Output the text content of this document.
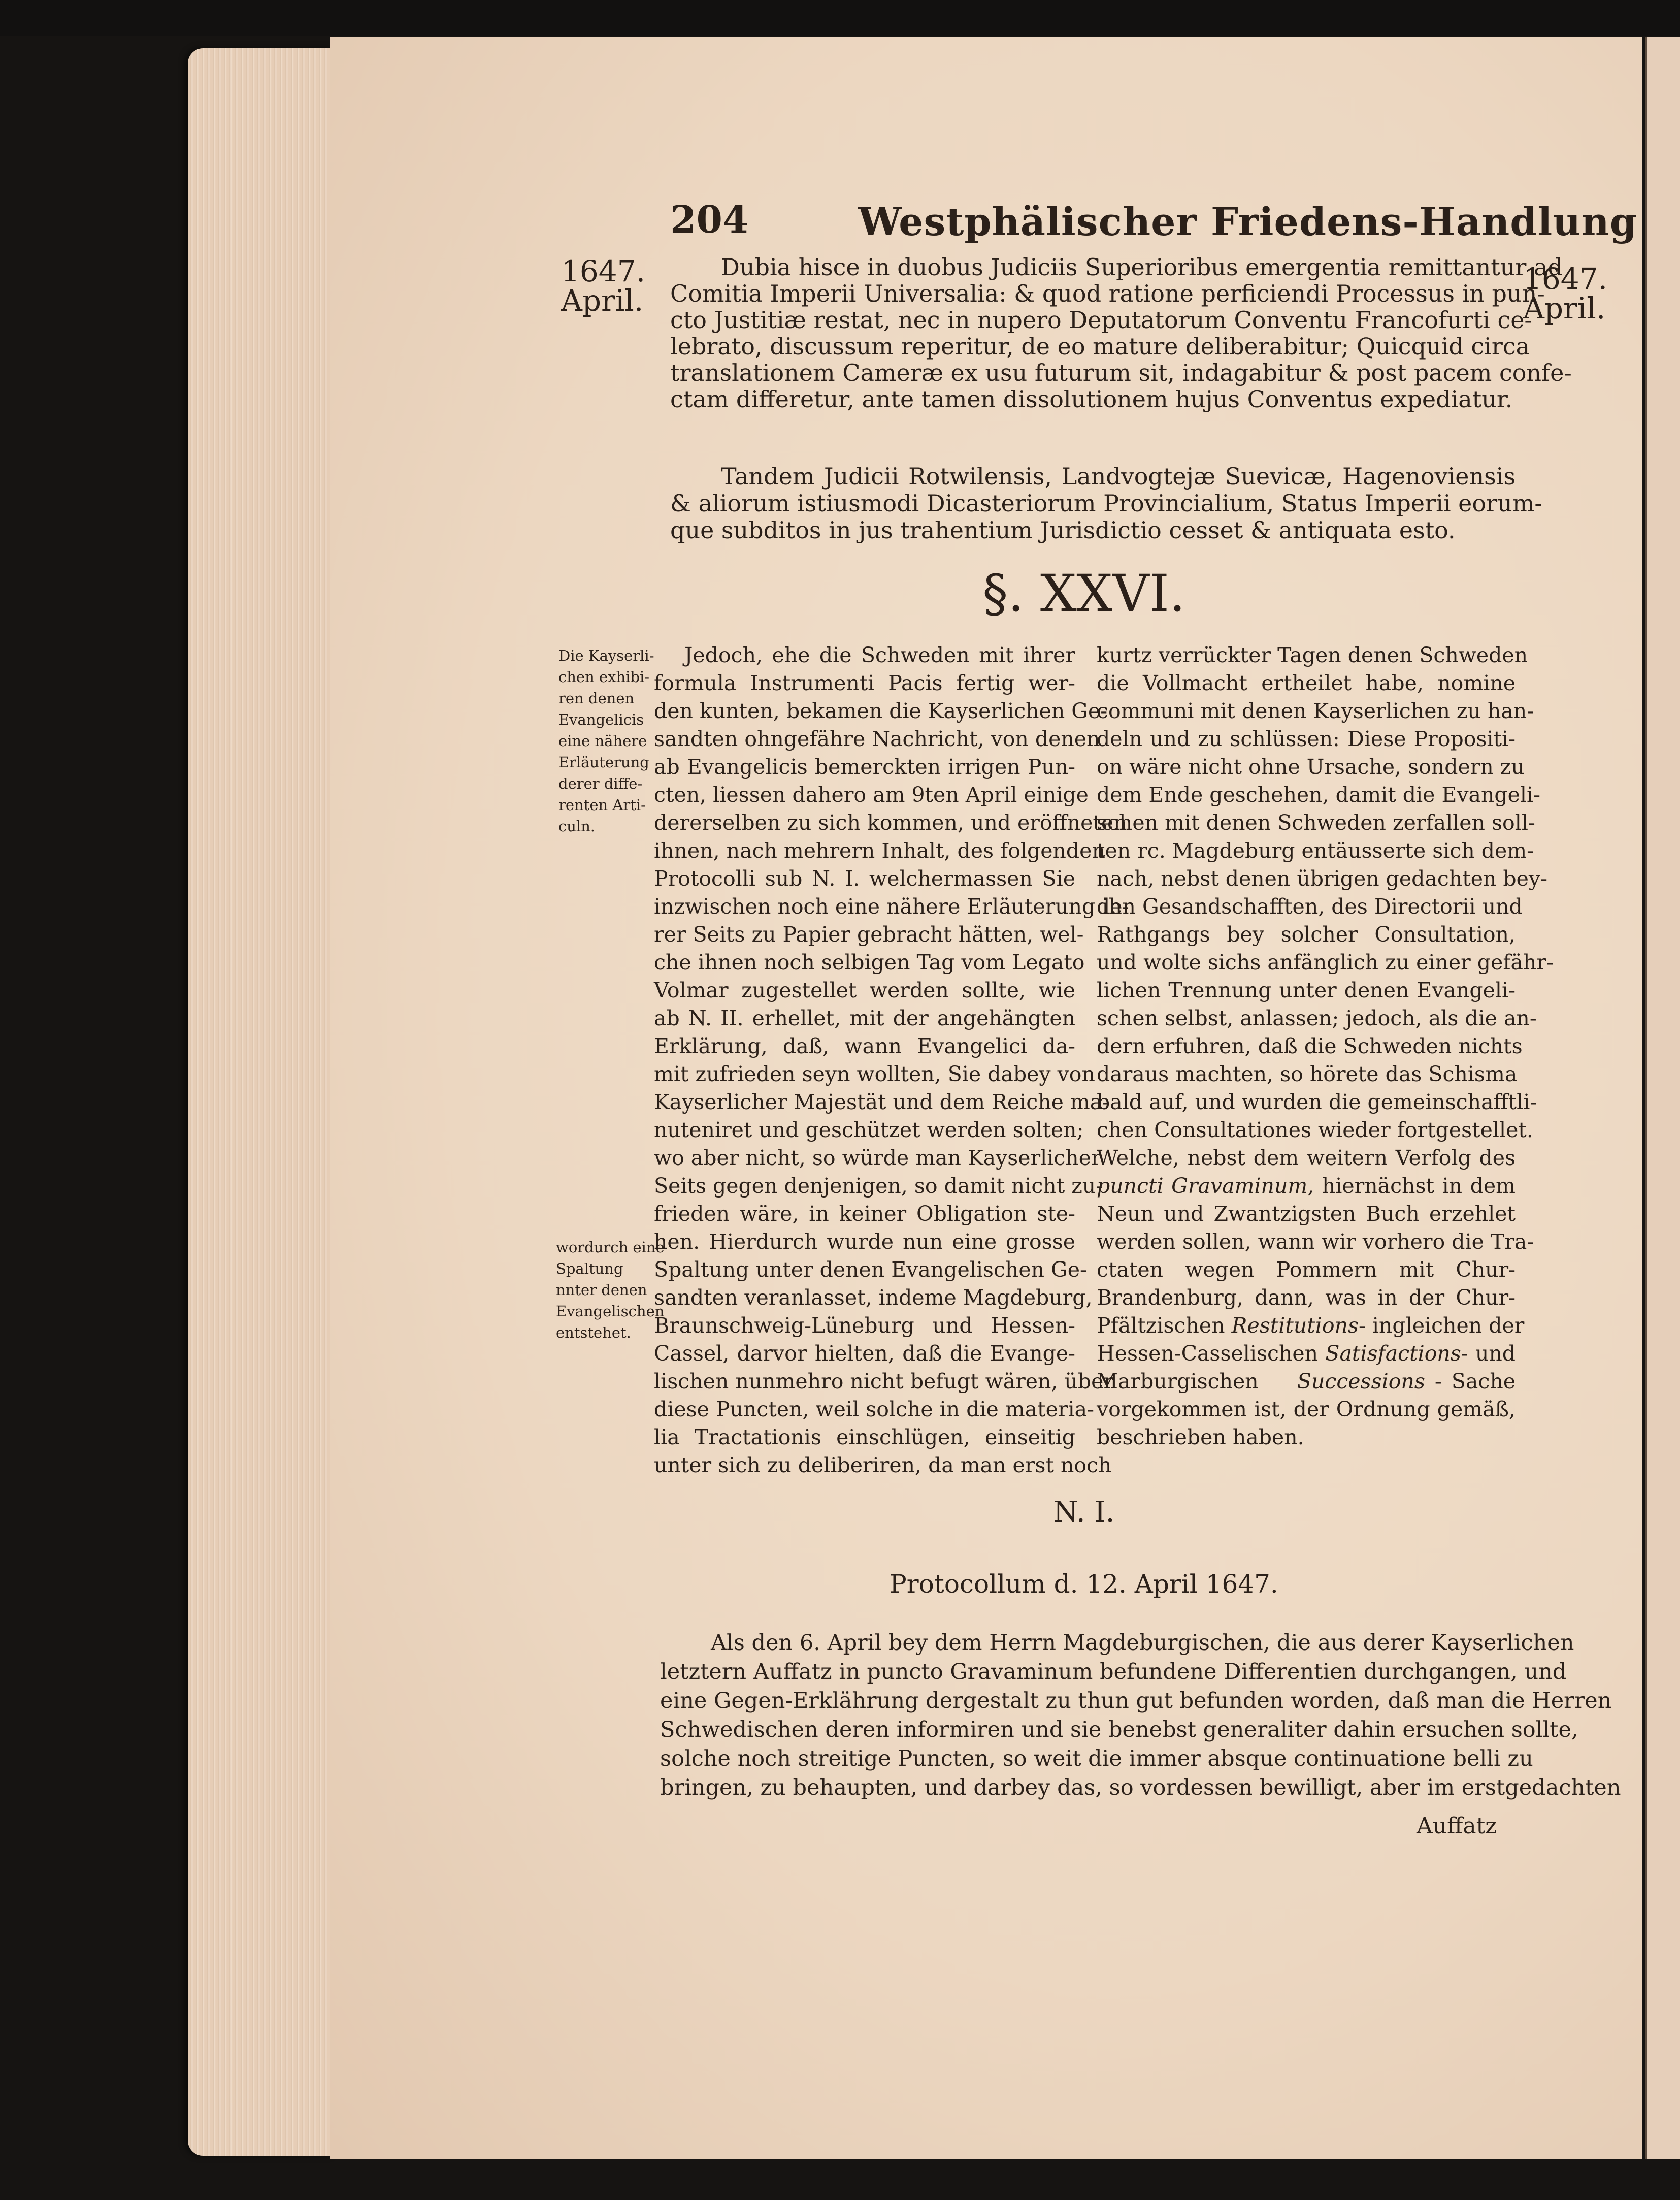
204	Westphälischer Friedens-Handlung
1647.
April.
1647.
April.
Dubia hisce in duobus Judiciis Superioribus emergentia remittantur ad
Comitia Imperii Universalia: & quod ratione perficiendi Processus in pun-
cto Justitiæ restat, nec in nupero Deputatorum Conventu Francofurti ce-
lebrato, discussum reperitur, de eo mature deliberabitur; Quicquid circa
translationem Cameræ ex usu futurum sit, indagabitur & post pacem confe-
ctam differetur, ante tamen dissolutionem hujus Conventus expediatur.
Tandem Judicii Rotwilensis, Landvogtejæ Suevicæ, Hagenoviensis
& aliorum istiusmodi Dicasteriorum Provincialium, Status Imperii eorum-
que subditos in jus trahentium Jurisdictio cesset & antiquata esto.
§. XXVI.
Die Kayserli-
chen exhibi-
ren denen
Evangelicis
eine nähere
Erläuterung
derer diffe-
renten Arti-
culn.
wordurch eine
Spaltung
nnter denen
Evangelischen
entstehet.
Jedoch, ehe die Schweden mit ihrer
formula Instrumenti Pacis fertig wer-
den kunten, bekamen die Kayserlichen Ge-
sandten ohngefähre Nachricht, von denen
ab Evangelicis bemerckten irrigen Pun-
cten, liessen dahero am 9ten April einige
dererselben zu sich kommen, und eröffneten
ihnen, nach mehrern Inhalt, des folgenden
Protocolli sub N. I. welchermassen Sie
inzwischen noch eine nähere Erläuterung ih-
rer Seits zu Papier gebracht hätten, wel-
che ihnen noch selbigen Tag vom Legato
Volmar zugestellet werden sollte, wie
ab N. II. erhellet, mit der angehängten
Erklärung, daß, wann Evangelici da-
mit zufrieden seyn wollten, Sie dabey von
Kayserlicher Majestät und dem Reiche ma-
nuteniret und geschützet werden solten;
wo aber nicht, so würde man Kayserlicher
Seits gegen denjenigen, so damit nicht zu-
frieden wäre, in keiner Obligation ste-
hen. Hierdurch wurde nun eine grosse
Spaltung unter denen Evangelischen Ge-
sandten veranlasset, indeme Magdeburg,
Braunschweig-Lüneburg und Hessen-
Cassel, darvor hielten, daß die Evange-
lischen nunmehro nicht befugt wären, über
diese Puncten, weil solche in die materia-
lia Tractationis einschlügen, einseitig
unter sich zu deliberiren, da man erst noch
kurtz verrückter Tagen denen Schweden
die Vollmacht ertheilet habe, nomine
communi mit denen Kayserlichen zu han-
deln und zu schlüssen: Diese Propositi-
on wäre nicht ohne Ursache, sondern zu
dem Ende geschehen, damit die Evangeli-
schen mit denen Schweden zerfallen soll-
ten rc. Magdeburg entäusserte sich dem-
nach, nebst denen übrigen gedachten bey-
den Gesandschafften, des Directorii und
Rathgangs bey solcher Consultation,
und wolte sichs anfänglich zu einer gefähr-
lichen Trennung unter denen Evangeli-
schen selbst, anlassen; jedoch, als die an-
dern erfuhren, daß die Schweden nichts
daraus machten, so hörete das Schisma
bald auf, und wurden die gemeinschafftli-
chen Consultationes wieder fortgestellet.
Welche, nebst dem weitern Verfolg des
puncti Gravaminum, hiernächst in dem
Neun und Zwantzigsten Buch erzehlet
werden sollen, wann wir vorhero die Tra-
ctaten wegen Pommern mit Chur-
Brandenburg, dann, was in der Chur-
Pfältzischen Restitutions- ingleichen der
Hessen-Casselischen Satisfactions- und
Marburgischen    Successions - Sache
vorgekommen ist, der Ordnung gemäß,
beschrieben haben.
N. I.
Protocollum d. 12. April 1647.
Als den 6. April bey dem Herrn Magdeburgischen, die aus derer Kayserlichen
letztern Auffatz in puncto Gravaminum befundene Differentien durchgangen, und
eine Gegen-Erklährung dergestalt zu thun gut befunden worden, daß man die Herren
Schwedischen deren informiren und sie benebst generaliter dahin ersuchen sollte,
solche noch streitige Puncten, so weit die immer absque continuatione belli zu
bringen, zu behaupten, und darbey das, so vordessen bewilligt, aber im erstgedachten
Auffatz
